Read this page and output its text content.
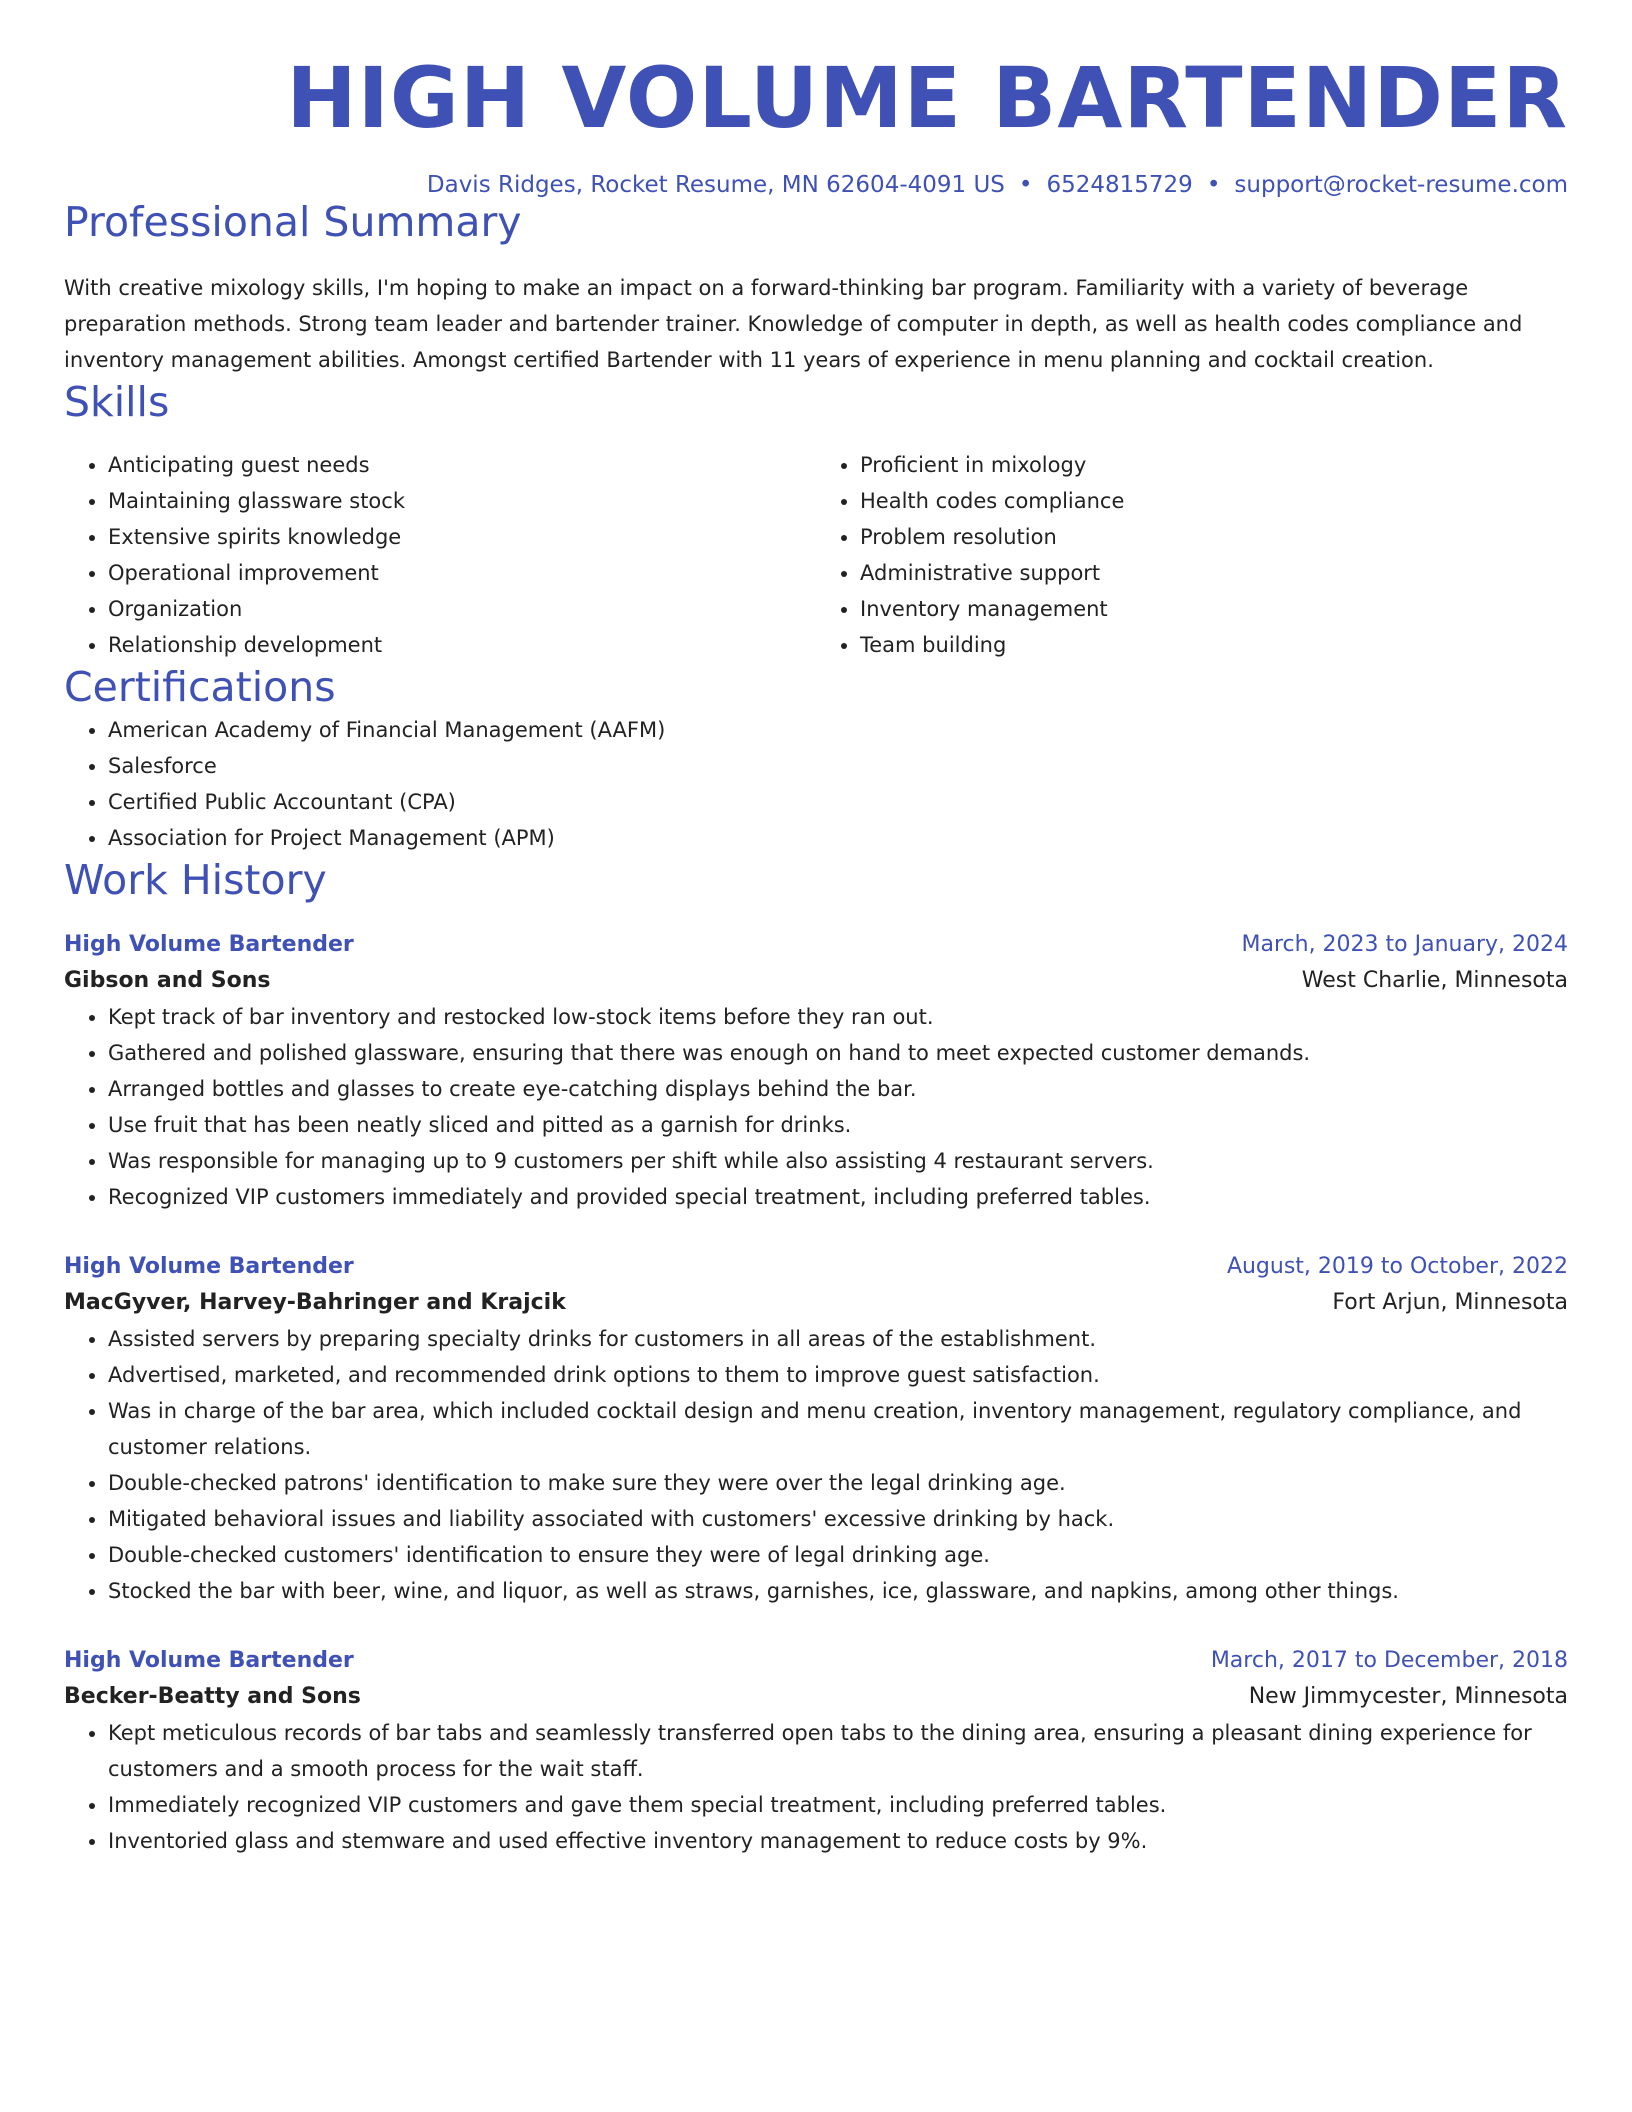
HIGH VOLUME BARTENDER
Davis Ridges, Rocket Resume, MN 62604-4091 US • 6524815729 • support@rocket-resume.com
Professional Summary
With creative mixology skills, I'm hoping to make an impact on a forward-thinking bar program. Familiarity with a variety of beverage preparation methods. Strong team leader and bartender trainer. Knowledge of computer in depth, as well as health codes compliance and inventory management abilities. Amongst certified Bartender with 11 years of experience in menu planning and cocktail creation.
Skills
• Anticipating guest needs
• Maintaining glassware stock
• Extensive spirits knowledge
• Operational improvement
• Organization
• Relationship development
• Proficient in mixology
• Health codes compliance
• Problem resolution
• Administrative support
• Inventory management
• Team building
Certifications
• American Academy of Financial Management (AAFM)
• Salesforce
• Certified Public Accountant (CPA)
• Association for Project Management (APM)
Work History
High Volume Bartender	March, 2023 to January, 2024
Gibson and Sons	West Charlie, Minnesota
• Kept track of bar inventory and restocked low-stock items before they ran out.
• Gathered and polished glassware, ensuring that there was enough on hand to meet expected customer demands.
• Arranged bottles and glasses to create eye-catching displays behind the bar.
• Use fruit that has been neatly sliced and pitted as a garnish for drinks.
• Was responsible for managing up to 9 customers per shift while also assisting 4 restaurant servers.
• Recognized VIP customers immediately and provided special treatment, including preferred tables.
High Volume Bartender	August, 2019 to October, 2022
MacGyver, Harvey-Bahringer and Krajcik	Fort Arjun, Minnesota
• Assisted servers by preparing specialty drinks for customers in all areas of the establishment.
• Advertised, marketed, and recommended drink options to them to improve guest satisfaction.
• Was in charge of the bar area, which included cocktail design and menu creation, inventory management, regulatory compliance, and customer relations.
• Double-checked patrons' identification to make sure they were over the legal drinking age.
• Mitigated behavioral issues and liability associated with customers' excessive drinking by hack.
• Double-checked customers' identification to ensure they were of legal drinking age.
• Stocked the bar with beer, wine, and liquor, as well as straws, garnishes, ice, glassware, and napkins, among other things.
High Volume Bartender	March, 2017 to December, 2018
Becker-Beatty and Sons	New Jimmycester, Minnesota
• Kept meticulous records of bar tabs and seamlessly transferred open tabs to the dining area, ensuring a pleasant dining experience for customers and a smooth process for the wait staff.
• Immediately recognized VIP customers and gave them special treatment, including preferred tables.
• Inventoried glass and stemware and used effective inventory management to reduce costs by 9%.
